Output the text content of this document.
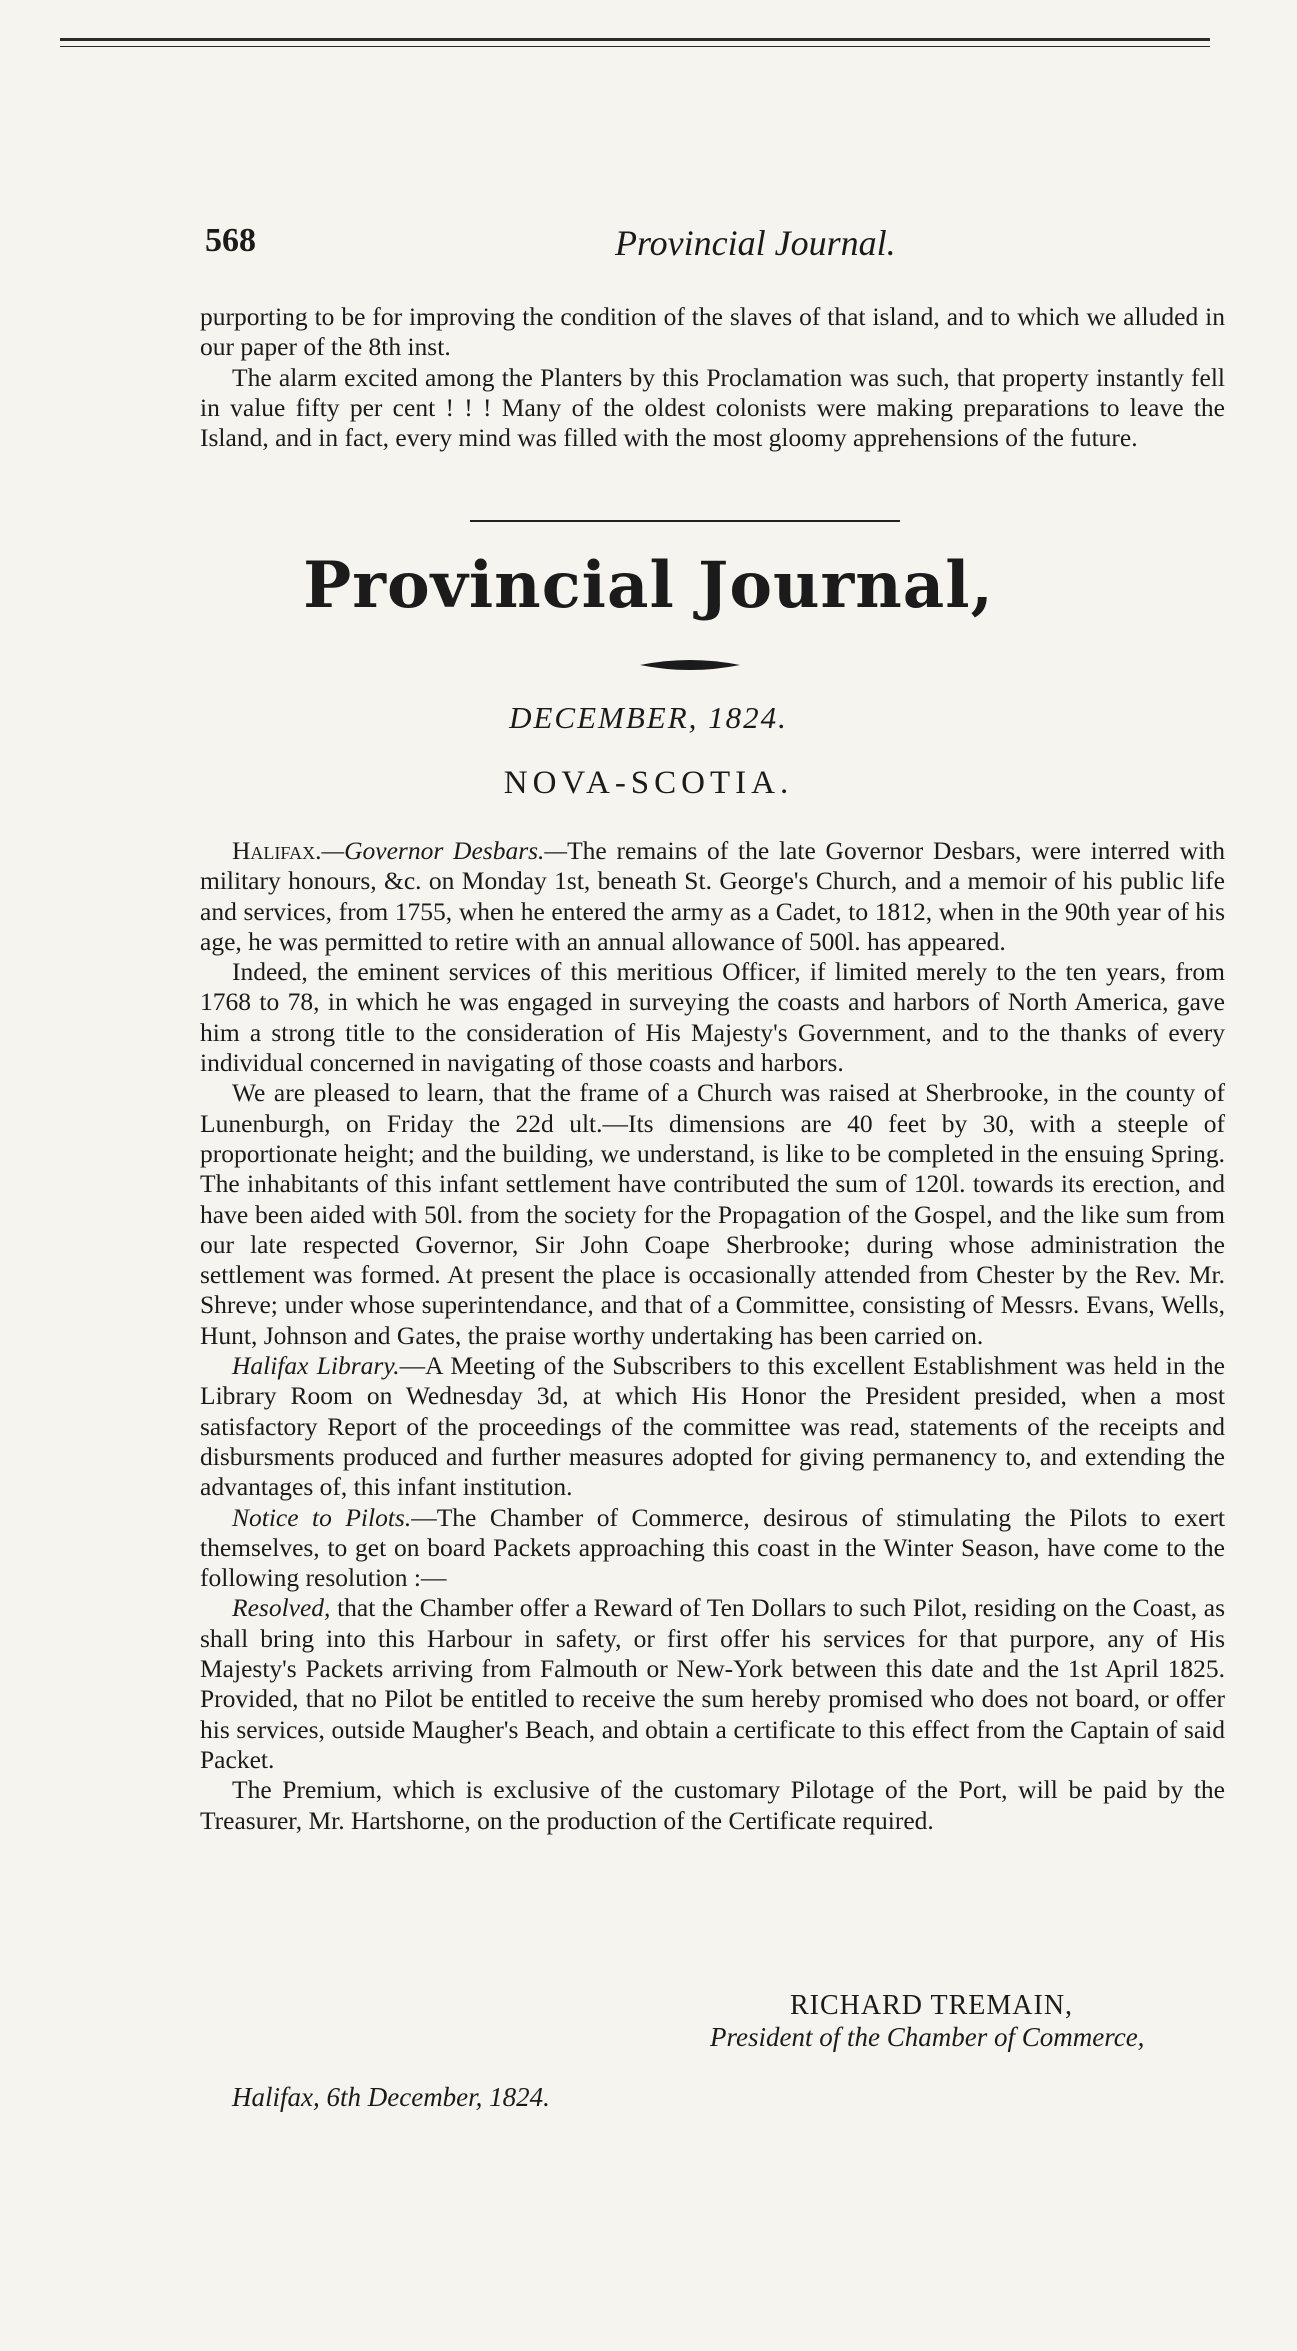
568	Provincial Journal.

purporting to be for improving the condition of the slaves of that island, and to which we alluded in our paper of the 8th inst.

The alarm excited among the Planters by this Proclamation was such, that property instantly fell in value fifty per cent ! ! ! Many of the oldest colonists were making preparations to leave the Island, and in fact, every mind was filled with the most gloomy apprehensions of the future.

Provincial Journal,
DECEMBER, 1824.
NOVA-SCOTIA.

Halifax.—Governor Desbars.—The remains of the late Governor Desbars, were interred with military honours, &c. on Monday 1st, beneath St. George's Church, and a memoir of his public life and services, from 1755, when he entered the army as a Cadet, to 1812, when in the 90th year of his age, he was permitted to retire with an annual allowance of 500l. has appeared.

Indeed, the eminent services of this meritious Officer, if limited merely to the ten years, from 1768 to 78, in which he was engaged in surveying the coasts and harbors of North America, gave him a strong title to the consideration of His Majesty's Government, and to the thanks of every individual concerned in navigating of those coasts and harbors.

We are pleased to learn, that the frame of a Church was raised at Sherbrooke, in the county of Lunenburgh, on Friday the 22d ult.—Its dimensions are 40 feet by 30, with a steeple of proportionate height; and the building, we understand, is like to be completed in the ensuing Spring. The inhabitants of this infant settlement have contributed the sum of 120l. towards its erection, and have been aided with 50l. from the society for the Propagation of the Gospel, and the like sum from our late respected Governor, Sir John Coape Sherbrooke; during whose administration the settlement was formed. At present the place is occasionally attended from Chester by the Rev. Mr. Shreve; under whose superintendance, and that of a Committee, consisting of Messrs. Evans, Wells, Hunt, Johnson and Gates, the praise worthy undertaking has been carried on.

Halifax Library.—A Meeting of the Subscribers to this excellent Establishment was held in the Library Room on Wednesday 3d, at which His Honor the President presided, when a most satisfactory Report of the proceedings of the committee was read, statements of the receipts and disbursments produced and further measures adopted for giving permanency to, and extending the advantages of, this infant institution.

Notice to Pilots.—The Chamber of Commerce, desirous of stimulating the Pilots to exert themselves, to get on board Packets approaching this coast in the Winter Season, have come to the following resolution :—

Resolved, that the Chamber offer a Reward of Ten Dollars to such Pilot, residing on the Coast, as shall bring into this Harbour in safety, or first offer his services for that purpore, any of His Majesty's Packets arriving from Falmouth or New-York between this date and the 1st April 1825. Provided, that no Pilot be entitled to receive the sum hereby promised who does not board, or offer his services, outside Maugher's Beach, and obtain a certificate to this effect from the Captain of said Packet.

The Premium, which is exclusive of the customary Pilotage of the Port, will be paid by the Treasurer, Mr. Hartshorne, on the production of the Certificate required.

RICHARD TREMAIN,
President of the Chamber of Commerce,
Halifax, 6th December, 1824.
